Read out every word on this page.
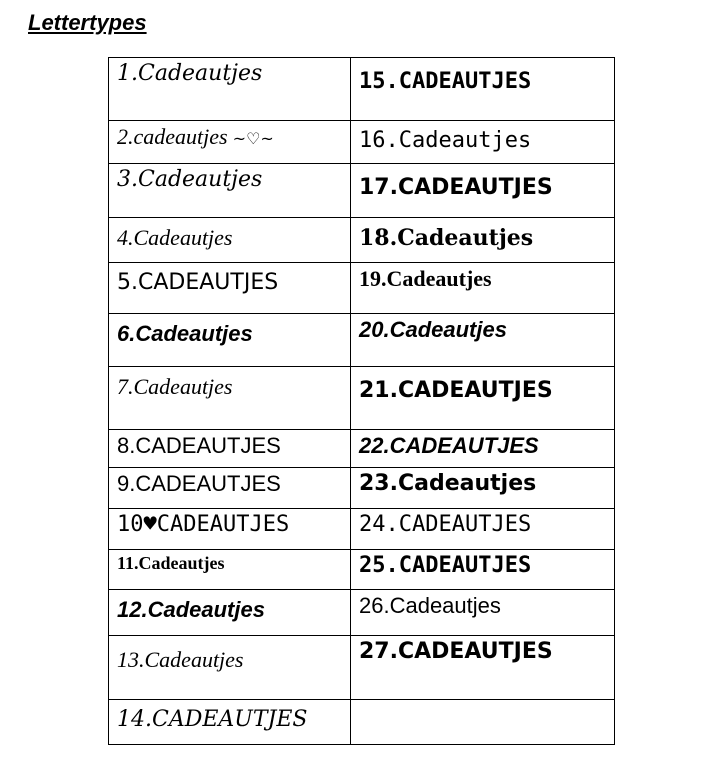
Lettertypes
1.Cadeautjes	15.CADEAUTJES
2.cadeautjes ~♡~	16.Cadeautjes
3.Cadeautjes	17.CADEAUTJES
4.Cadeautjes	18.Cadeautjes
5.CADEAUTJES	19.Cadeautjes
6.Cadeautjes	20.Cadeautjes
7.Cadeautjes	21.CADEAUTJES
8.CADEAUTJES	22.CADEAUTJES
9.CADEAUTJES	23.Cadeautjes
10♥CADEAUTJES	24.CADEAUTJES
11.Cadeautjes	25.CADEAUTJES
12.Cadeautjes	26.Cadeautjes
13.Cadeautjes	27.CADEAUTJES
14.CADEAUTJES	
